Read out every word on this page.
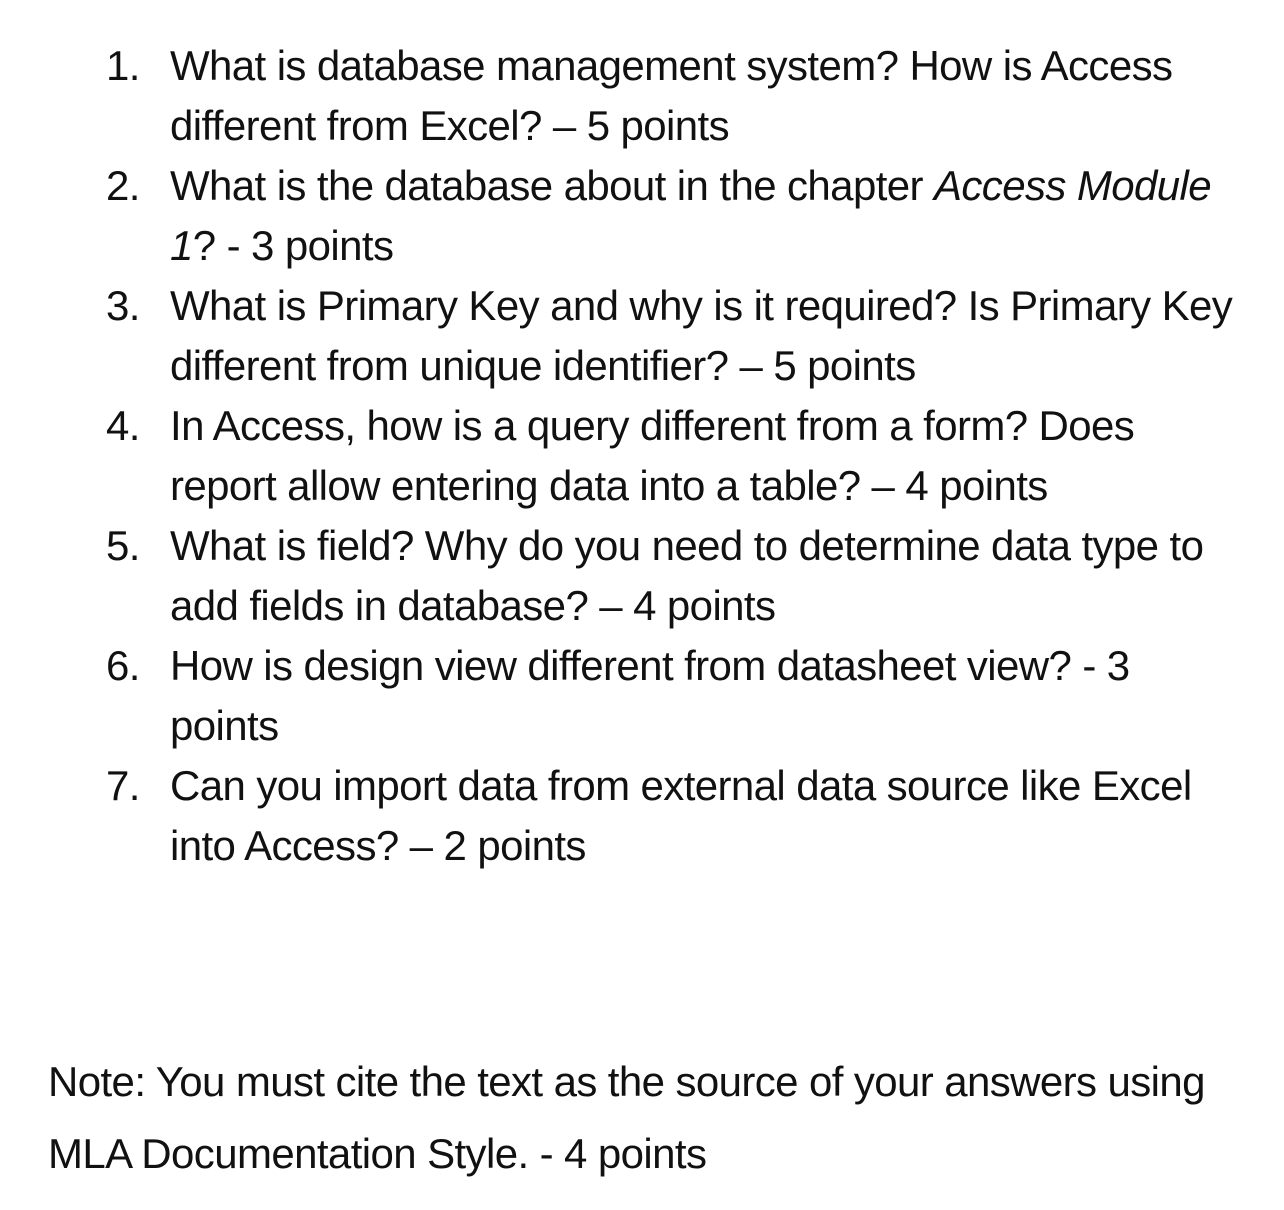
1. What is database management system? How is Access different from Excel? – 5 points
2. What is the database about in the chapter Access Module 1? - 3 points
3. What is Primary Key and why is it required? Is Primary Key different from unique identifier? – 5 points
4. In Access, how is a query different from a form? Does report allow entering data into a table? – 4 points
5. What is field? Why do you need to determine data type to add fields in database? – 4 points
6. How is design view different from datasheet view? - 3 points
7. Can you import data from external data source like Excel into Access? – 2 points

Note: You must cite the text as the source of your answers using MLA Documentation Style. - 4 points
